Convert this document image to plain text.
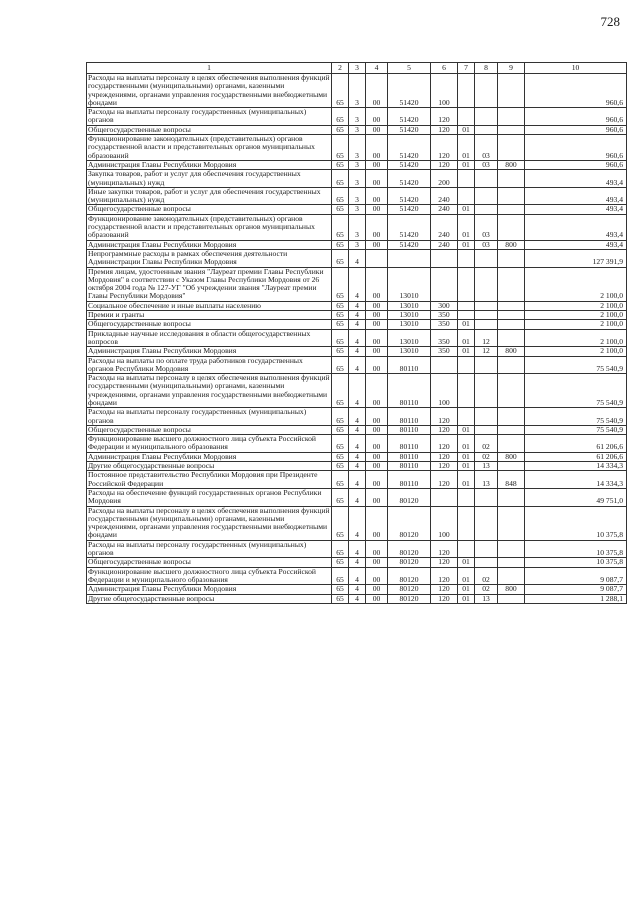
728
1	2	3	4	5	6	7	8	9	10
Расходы на выплаты персоналу в целях обеспечения выполнения функций государственными (муниципальными) органами, казенными учреждениями, органами управления государственными внебюджетными фондами	65	3	00	51420	100				960,6
Расходы на выплаты персоналу государственных (муниципальных) органов	65	3	00	51420	120				960,6
Общегосударственные вопросы	65	3	00	51420	120	01			960,6
Функционирование законодательных (представительных) органов государственной власти и представительных органов муниципальных образований	65	3	00	51420	120	01	03		960,6
Администрация Главы Республики Мордовия	65	3	00	51420	120	01	03	800	960,6
Закупка товаров, работ и услуг для обеспечения государственных (муниципальных) нужд	65	3	00	51420	200				493,4
Иные закупки товаров, работ и услуг для обеспечения государственных (муниципальных) нужд	65	3	00	51420	240				493,4
Общегосударственные вопросы	65	3	00	51420	240	01			493,4
Функционирование законодательных (представительных) органов государственной власти и представительных органов муниципальных образований	65	3	00	51420	240	01	03		493,4
Администрация Главы Республики Мордовия	65	3	00	51420	240	01	03	800	493,4
Непрограммные расходы в рамках обеспечения деятельности Администрации Главы Республики Мордовия	65	4							127 391,9
Премия лицам, удостоенным звания "Лауреат премии Главы Республики Мордовия" в соответствии с Указом Главы Республики Мордовия от 26 октября 2004 года № 127-УГ "Об учреждении звания "Лауреат премии Главы Республики Мордовия"	65	4	00	13010					2 100,0
Социальное обеспечение и иные выплаты населению	65	4	00	13010	300				2 100,0
Премии и гранты	65	4	00	13010	350				2 100,0
Общегосударственные вопросы	65	4	00	13010	350	01			2 100,0
Прикладные научные исследования в области общегосударственных вопросов	65	4	00	13010	350	01	12		2 100,0
Администрация Главы Республики Мордовия	65	4	00	13010	350	01	12	800	2 100,0
Расходы на выплаты по оплате труда работников государственных органов Республики Мордовия	65	4	00	80110					75 540,9
Расходы на выплаты персоналу в целях обеспечения выполнения функций государственными (муниципальными) органами, казенными учреждениями, органами управления государственными внебюджетными фондами	65	4	00	80110	100				75 540,9
Расходы на выплаты персоналу государственных (муниципальных) органов	65	4	00	80110	120				75 540,9
Общегосударственные вопросы	65	4	00	80110	120	01			75 540,9
Функционирование высшего должностного лица субъекта Российской Федерации и муниципального образования	65	4	00	80110	120	01	02		61 206,6
Администрация Главы Республики Мордовия	65	4	00	80110	120	01	02	800	61 206,6
Другие общегосударственные вопросы	65	4	00	80110	120	01	13		14 334,3
Постоянное представительство Республики Мордовия при Президенте Российской Федерации	65	4	00	80110	120	01	13	848	14 334,3
Расходы на обеспечение функций государственных органов Республики Мордовия	65	4	00	80120					49 751,0
Расходы на выплаты персоналу в целях обеспечения выполнения функций государственными (муниципальными) органами, казенными учреждениями, органами управления государственными внебюджетными фондами	65	4	00	80120	100				10 375,8
Расходы на выплаты персоналу государственных (муниципальных) органов	65	4	00	80120	120				10 375,8
Общегосударственные вопросы	65	4	00	80120	120	01			10 375,8
Функционирование высшего должностного лица субъекта Российской Федерации и муниципального образования	65	4	00	80120	120	01	02		9 087,7
Администрация Главы Республики Мордовия	65	4	00	80120	120	01	02	800	9 087,7
Другие общегосударственные вопросы	65	4	00	80120	120	01	13		1 288,1
